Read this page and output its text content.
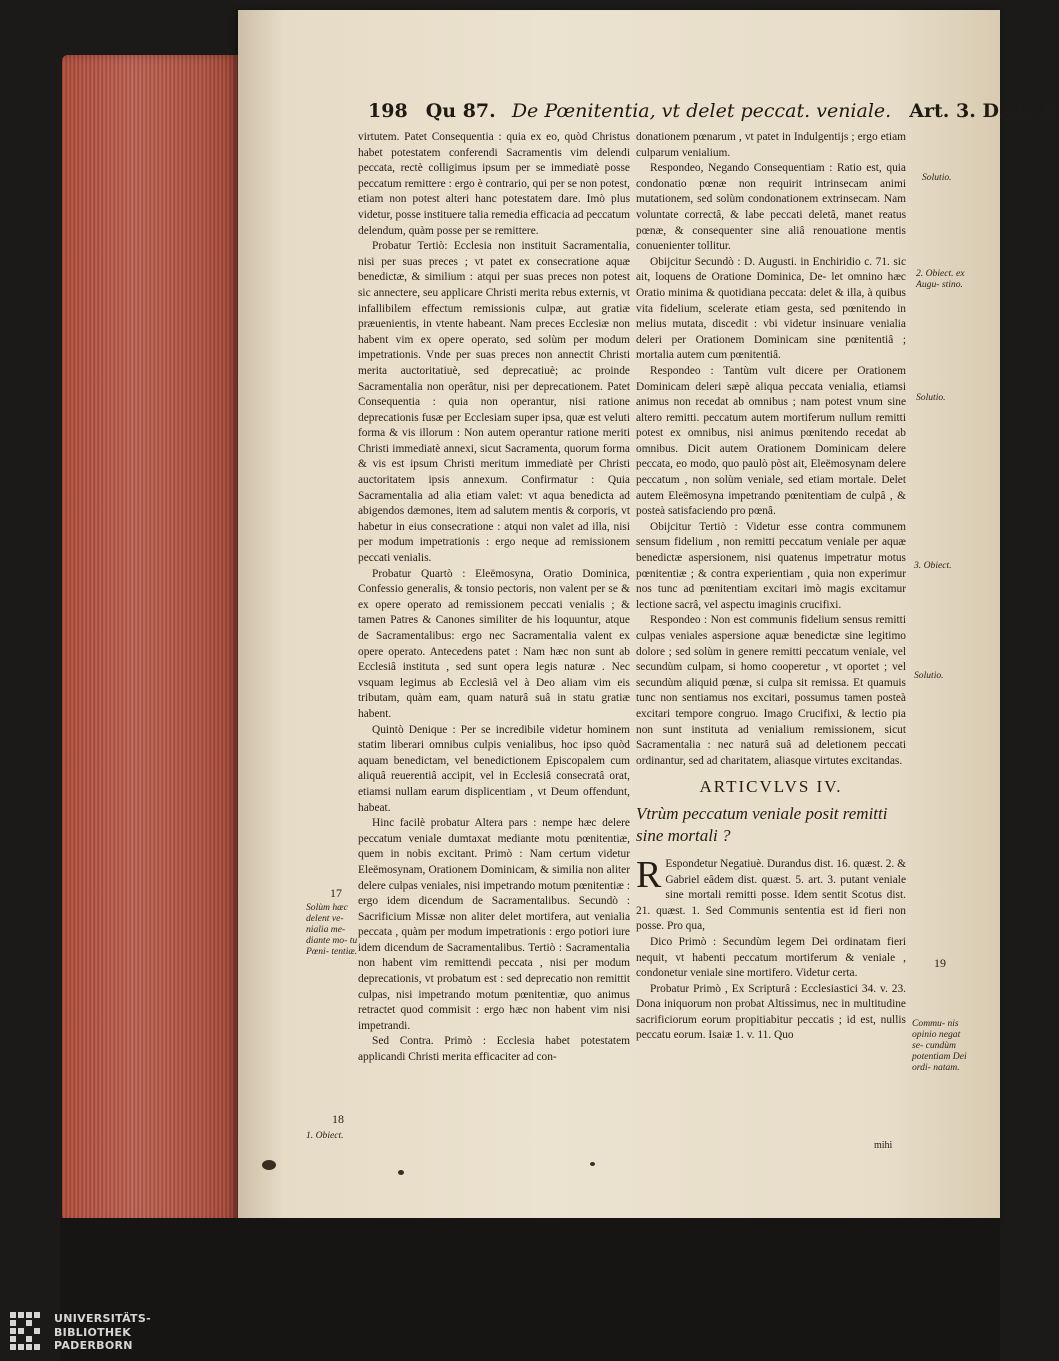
198 Qu 87. De Pœnitentia, vt delet peccat. veniale. Art. 3. D. A. 4.

virtutem. Patet Consequentia : quia ex eo, quòd Christus habet potestatem conferendi Sacramentis vim delendi peccata, rectè colligimus ipsum per se immediatè posse peccatum remittere : ergo è contrario, qui per se non potest, etiam non potest alteri hanc potestatem dare. Imò plus videtur, posse instituere talia remedia efficacia ad peccatum delendum, quàm posse per se remittere.

Probatur Tertiò: Ecclesia non instituit Sacramentalia, nisi per suas preces ; vt patet ex consecratione aquæ benedictæ, & similium : atqui per suas preces non potest sic annectere, seu applicare Christi merita rebus externis, vt infallibilem effectum remissionis culpæ, aut gratiæ præuenientis, in vtente habeant. Nam preces Ecclesiæ non habent vim ex opere operato, sed solùm per modum impetrationis. Vnde per suas preces non annectit Christi merita auctoritatiuè, sed deprecatiuè; ac proinde Sacramentalia non operâtur, nisi per deprecationem. Patet Consequentia : quia non operantur, nisi ratione deprecationis fusæ per Ecclesiam super ipsa, quæ est veluti forma & vis illorum : Non autem operantur ratione meriti Christi immediatè annexi, sicut Sacramenta, quorum forma & vis est ipsum Christi meritum immediatè per Christi auctoritatem ipsis annexum. Confirmatur : Quia Sacramentalia ad alia etiam valet: vt aqua benedicta ad abigendos dæmones, item ad salutem mentis & corporis, vt habetur in eius consecratione : atqui non valet ad illa, nisi per modum impetrationis : ergo neque ad remissionem peccati venialis.

Probatur Quartò : Eleëmosyna, Oratio Dominica, Confessio generalis, & tonsio pectoris, non valent per se & ex opere operato ad remissionem peccati venialis ; & tamen Patres & Canones similiter de his loquuntur, atque de Sacramentalibus: ergo nec Sacramentalia valent ex opere operato. Antecedens patet : Nam hæc non sunt ab Ecclesiâ instituta , sed sunt opera legis naturæ . Nec vsquam legimus ab Ecclesiâ vel à Deo aliam vim eis tributam, quàm eam, quam naturâ suâ in statu gratiæ habent.

Quintò Denique : Per se incredibile videtur hominem statim liberari omnibus culpis venialibus, hoc ipso quòd aquam benedictam, vel benedictionem Episcopalem cum aliquâ reuerentiâ accipit, vel in Ecclesiâ consecratâ orat, etiamsi nullam earum displicentiam , vt Deum offendunt, habeat.

Hinc facilè probatur Altera pars : nempe hæc delere peccatum veniale dumtaxat mediante motu pœnitentiæ, quem in nobis excitant. Primò : Nam certum videtur Eleëmosynam, Orationem Dominicam, & similia non aliter delere culpas veniales, nisi impetrando motum pœnitentiæ : ergo idem dicendum de Sacramentalibus. Secundò : Sacrificium Missæ non aliter delet mortifera, aut venialia peccata , quàm per modum impetrationis : ergo potiori iure idem dicendum de Sacramentalibus. Tertiò : Sacramentalia non habent vim remittendi peccata , nisi per modum deprecationis, vt probatum est : sed deprecatio non remittit culpas, nisi impetrando motum pœnitentiæ, quo animus retractet quod commisit : ergo hæc non habent vim nisi impetrandi.

Sed Contra. Primò : Ecclesia habet potestatem applicandi Christi merita efficaciter ad con-

donationem pœnarum , vt patet in Indulgentijs ; ergo etiam culparum venialium.

Respondeo, Negando Consequentiam : Ratio est, quia condonatio pœnæ non requirit intrinsecam animi mutationem, sed solùm condonationem extrinsecam. Nam voluntate correctâ, & labe peccati deletâ, manet reatus pœnæ, & consequenter sine aliâ renouatione mentis conuenienter tollitur.

Obijcitur Secundò : D. Augusti. in Enchiridio c. 71. sic ait, loquens de Oratione Dominica, De- let omnino hæc Oratio minima & quotidiana peccata: delet & illa, à quibus vita fidelium, scelerate etiam gesta, sed pœnitendo in melius mutata, discedit : vbi videtur insinuare venialia deleri per Orationem Dominicam sine pœnitentiâ ; mortalia autem cum pœnitentiâ.

Respondeo : Tantùm vult dicere per Orationem Dominicam deleri sæpè aliqua peccata venialia, etiamsi animus non recedat ab omnibus ; nam potest vnum sine altero remitti. peccatum autem mortiferum nullum remitti potest ex omnibus, nisi animus pœnitendo recedat ab omnibus. Dicit autem Orationem Dominicam delere peccata, eo modo, quo paulò pòst ait, Eleëmosynam delere peccatum , non solùm veniale, sed etiam mortale. Delet autem Eleëmosyna impetrando pœnitentiam de culpâ , & posteà satisfaciendo pro pœnâ.

Obijcitur Tertiò : Videtur esse contra communem sensum fidelium , non remitti peccatum veniale per aquæ benedictæ aspersionem, nisi quatenus impetratur motus pœnitentiæ ; & contra experientiam , quia non experimur nos tunc ad pœnitentiam excitari imò magis excitamur lectione sacrâ, vel aspectu imaginis crucifixi.

Respondeo : Non est communis fidelium sensus remitti culpas veniales aspersione aquæ benedictæ sine legitimo dolore ; sed solùm in genere remitti peccatum veniale, vel secundùm culpam, si homo cooperetur , vt oportet ; vel secundùm aliquid pœnæ, si culpa sit remissa. Et quamuis tunc non sentiamus nos excitari, possumus tamen posteà excitari tempore congruo. Imago Crucifixi, & lectio pia non sunt instituta ad venialium remissionem, sicut Sacramentalia : nec naturâ suâ ad deletionem peccati ordinantur, sed ad charitatem, aliasque virtutes excitandas.

ARTICVLVS IV.
Vtrùm peccatum veniale posit remitti sine mortali ?

R Espondetur Negatiuè. Durandus dist. 16. quæst. 2. & Gabriel eâdem dist. quæst. 5. art. 3. putant veniale sine mortali remitti posse. Idem sentit Scotus dist. 21. quæst. 1. Sed Communis sententia est id fieri non posse. Pro qua,

Dico Primò : Secundùm legem Dei ordinatam fieri nequit, vt habenti peccatum mortiferum & veniale , condonetur veniale sine mortifero. Videtur certa.

Probatur Primò , Ex Scripturâ : Ecclesiastici 34. v. 23. Dona iniquorum non probat Altissimus, nec in multitudine sacrificiorum eorum propitiabitur peccatis ; id est, nullis peccatu eorum. Isaiæ 1. v. 11. Quo

Solutio.
2. Obiect. ex Augu- stino.
Solutio.
3. Obiect.
Solutio.
17
Solùm hæc delent ve- nialia me- diante mo- tu Pœni- tentiæ.
18
1. Obiect.
19
Commu- nis opinio negat se- cundùm potentiam Dei ordi- natam.
mihi
UNIVERSITÄTS-
BIBLIOTHEK
PADERBORN
